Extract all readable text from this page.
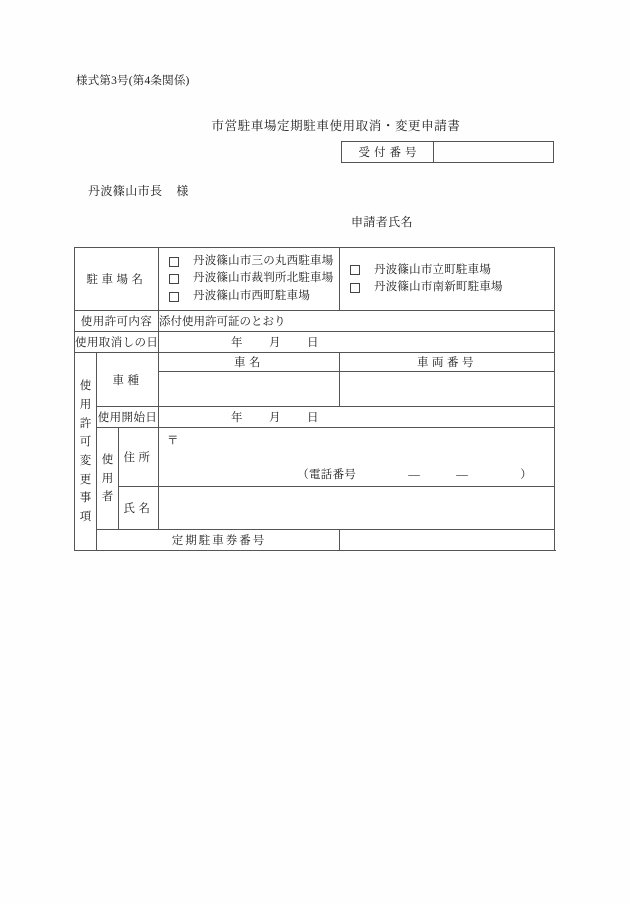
様式第3号(第4条関係)
市営駐車場定期駐車使用取消・変更申請書
受付番号
丹波篠山市長 様
申請者氏名
駐車場名	
丹波篠山市三の丸西駐車場
丹波篠山市裁判所北駐車場
丹波篠山市西町駐車場

丹波篠山市立町駐車場
丹波篠山市南新町駐車場

使用許可内容			添付使用許可証のとおり	
使用取消しの日			年 月 日	

使
用
許
可
変
更
事
項
	車種	車名	車両番号

	使用開始日		年 月 日	

使
用
者
	住所	
〒
（電話番号	―	―	）

		氏名		
	定期駐車券番号			
